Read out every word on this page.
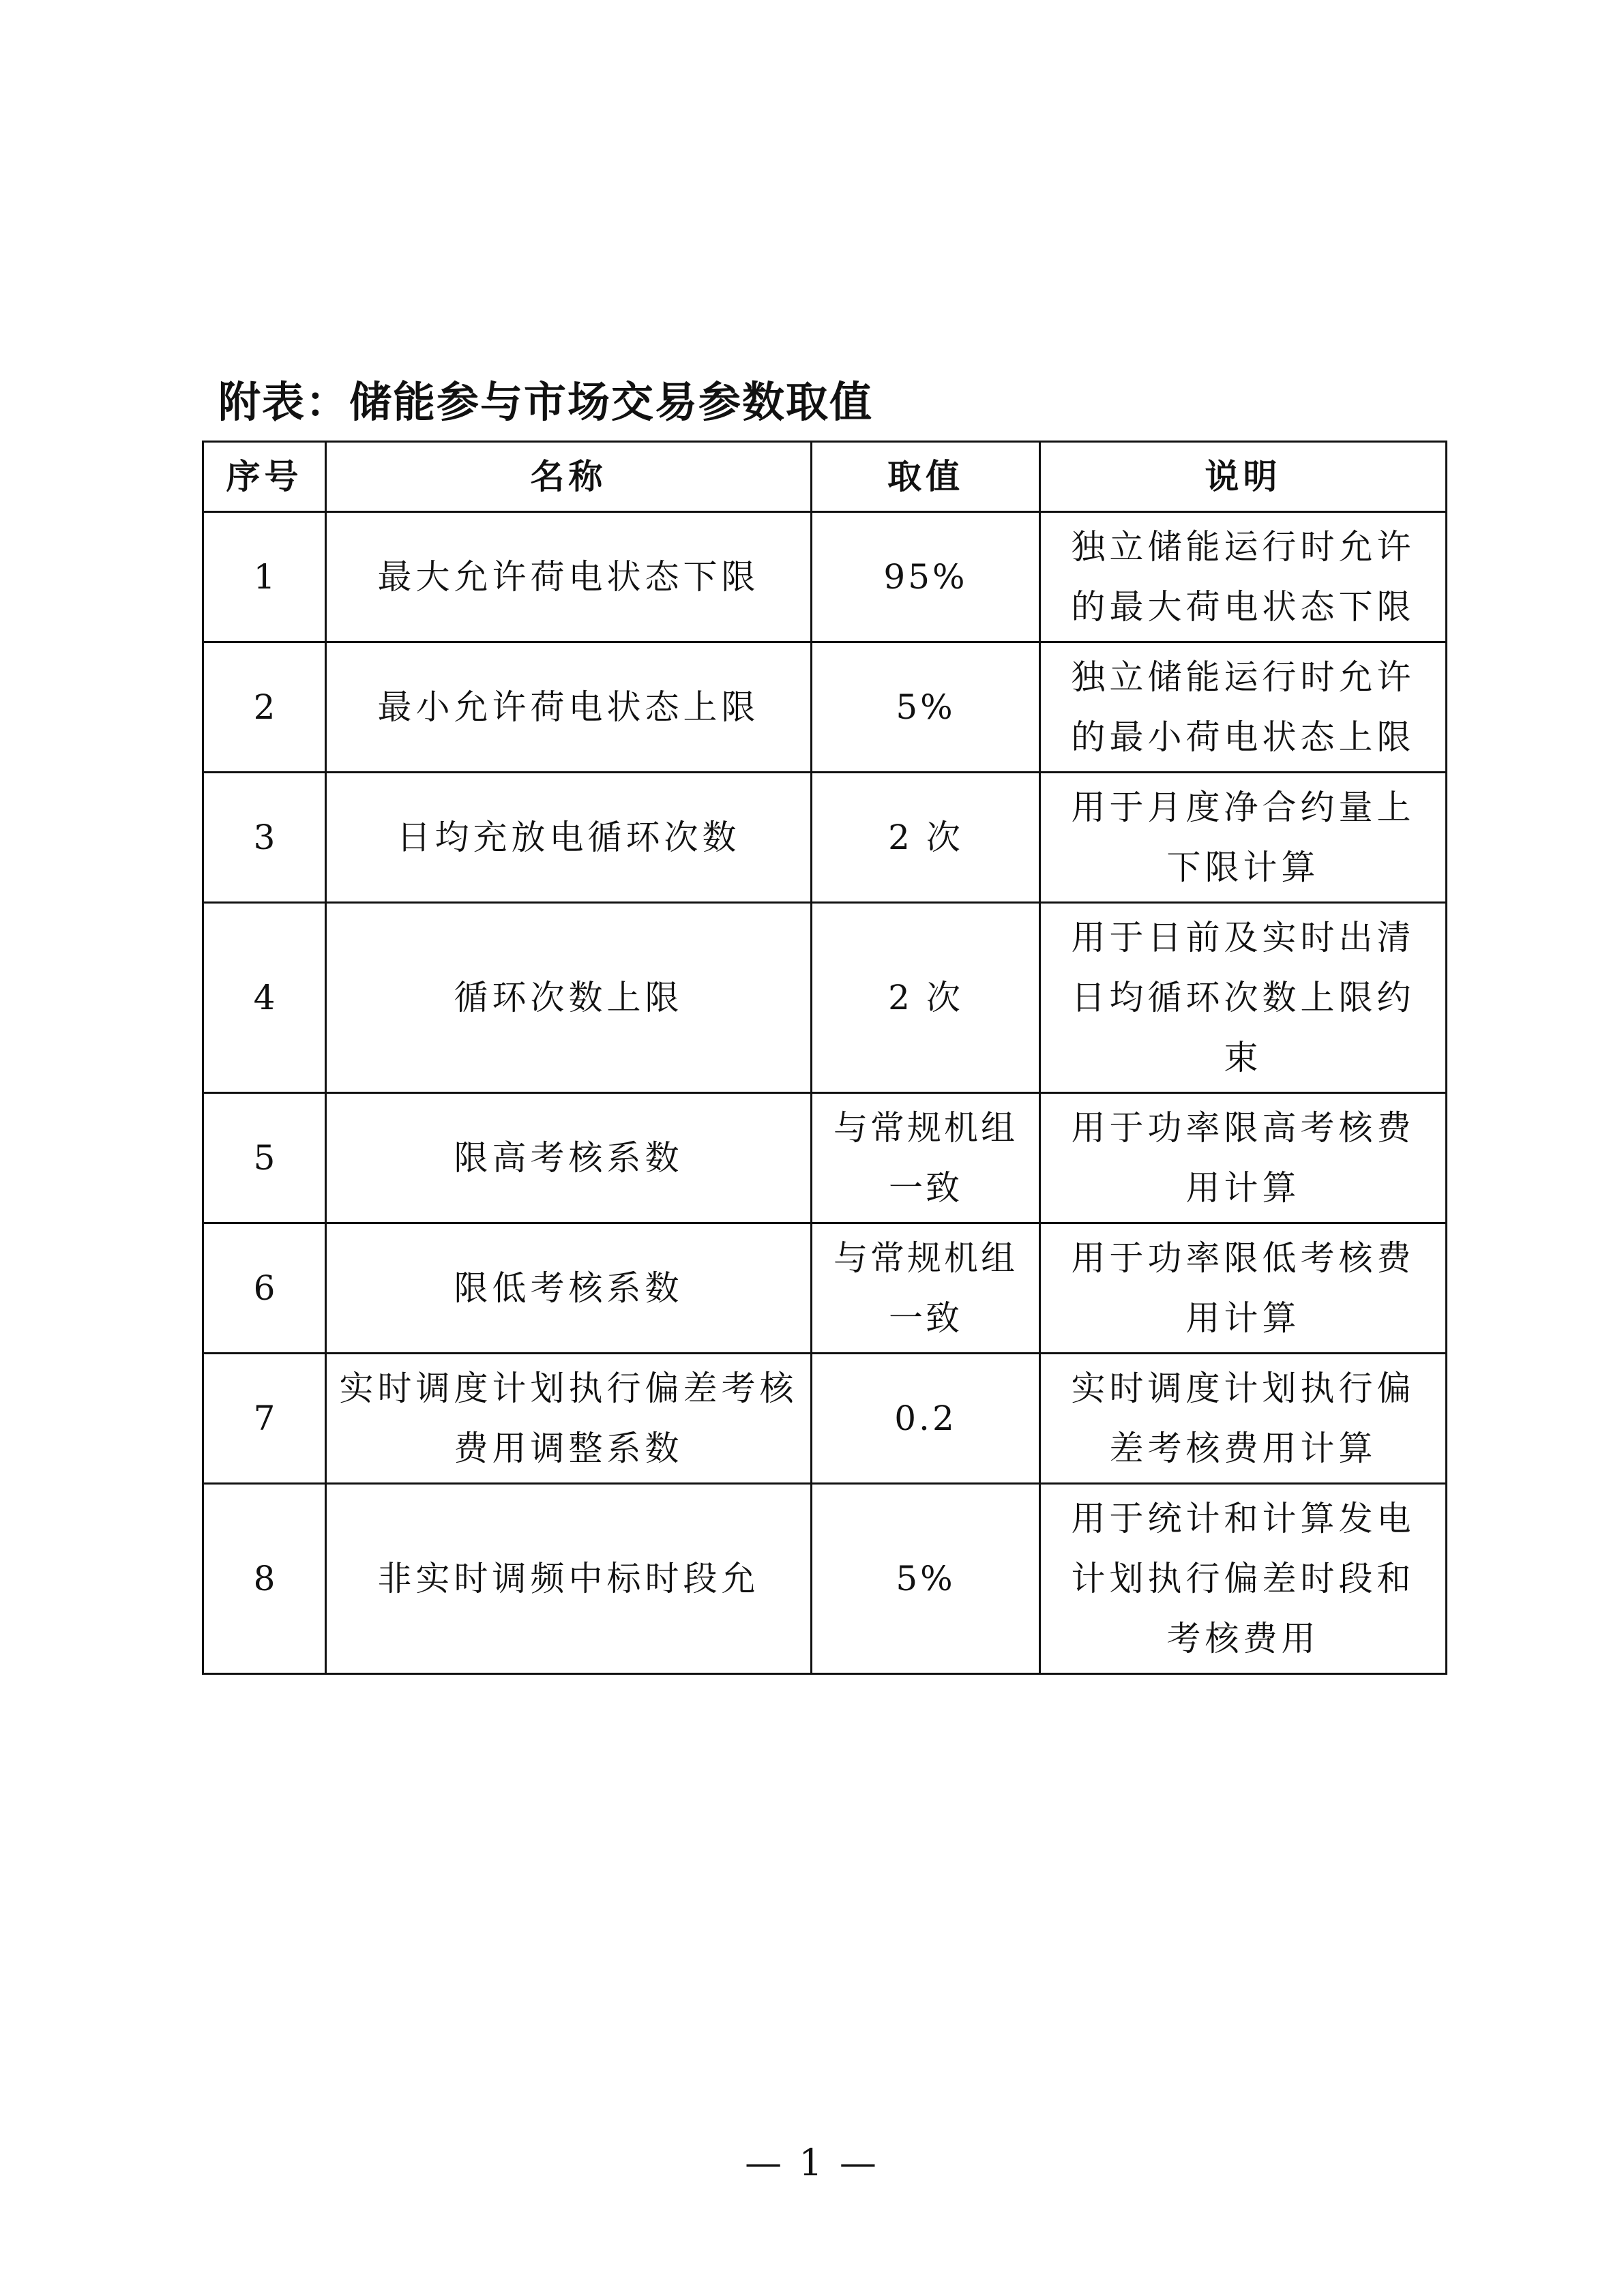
附表：储能参与市场交易参数取值
序号	名称	取值	说明
1	最大允许荷电状态下限	95%	独立储能运行时允许的最大荷电状态下限
2	最小允许荷电状态上限	5%	独立储能运行时允许的最小荷电状态上限
3	日均充放电循环次数	2 次	用于月度净合约量上下限计算
4	循环次数上限	2 次	用于日前及实时出清日均循环次数上限约束
5	限高考核系数	与常规机组一致	用于功率限高考核费用计算
6	限低考核系数	与常规机组一致	用于功率限低考核费用计算
7	实时调度计划执行偏差考核费用调整系数	0.2	实时调度计划执行偏差考核费用计算
8	非实时调频中标时段允	5%	用于统计和计算发电计划执行偏差时段和考核费用
— 1 —
